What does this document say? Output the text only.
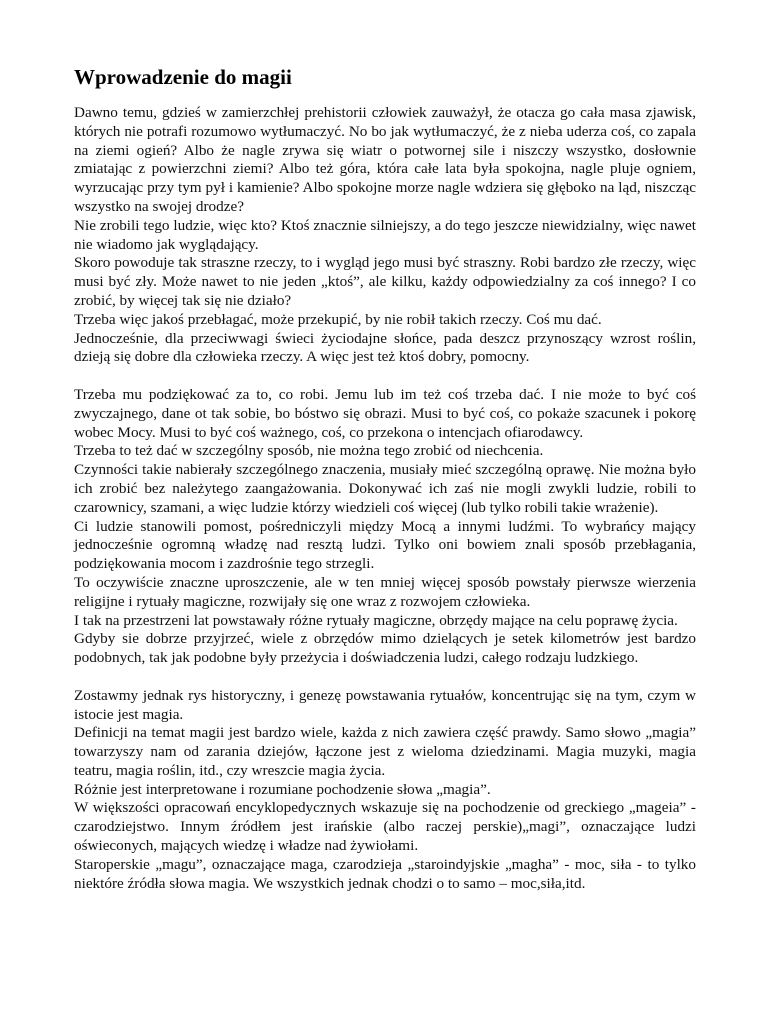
Wprowadzenie do magii

Dawno temu, gdzieś w zamierzchłej prehistorii człowiek zauważył, że otacza go cała masa zjawisk, których nie potrafi rozumowo wytłumaczyć. No bo jak wytłumaczyć, że z nieba uderza coś, co zapala na ziemi ogień? Albo że nagle zrywa się wiatr o potwornej sile i niszczy wszystko, dosłownie zmiatając z powierzchni ziemi? Albo też góra, która całe lata była spokojna, nagle pluje ogniem, wyrzucając przy tym pył i kamienie? Albo spokojne morze nagle wdziera się głęboko na ląd, niszcząc wszystko na swojej drodze?

Nie zrobili tego ludzie, więc kto? Ktoś znacznie silniejszy, a do tego jeszcze niewidzialny, więc nawet nie wiadomo jak wyglądający.

Skoro powoduje tak straszne rzeczy, to i wygląd jego musi być straszny. Robi bardzo złe rzeczy, więc musi być zły. Może nawet to nie jeden „ktoś”, ale kilku, każdy odpowiedzialny za coś innego? I co zrobić, by więcej tak się nie działo?

Trzeba więc jakoś przebłagać, może przekupić, by nie robił takich rzeczy. Coś mu dać.

Jednocześnie, dla przeciwwagi świeci życiodajne słońce, pada deszcz przynoszący wzrost roślin, dzieją się dobre dla człowieka rzeczy. A więc jest też ktoś dobry, pomocny.

Trzeba mu podziękować za to, co robi. Jemu lub im też coś trzeba dać. I nie może to być coś zwyczajnego, dane ot tak sobie, bo bóstwo się obrazi. Musi to być coś, co pokaże szacunek i pokorę wobec Mocy. Musi to być coś ważnego, coś, co przekona o intencjach ofiarodawcy.

Trzeba to też dać w szczególny sposób, nie można tego zrobić od niechcenia.

Czynności takie nabierały szczególnego znaczenia, musiały mieć szczególną oprawę. Nie można było ich zrobić bez należytego zaangażowania. Dokonywać ich zaś nie mogli zwykli ludzie, robili to czarownicy, szamani, a więc ludzie którzy wiedzieli coś więcej (lub tylko robili takie wrażenie).

Ci ludzie stanowili pomost, pośredniczyli między Mocą a innymi ludźmi. To wybrańcy mający jednocześnie ogromną władzę nad resztą ludzi. Tylko oni bowiem znali sposób przebłagania, podziękowania mocom i zazdrośnie tego strzegli.

To oczywiście znaczne uproszczenie, ale w ten mniej więcej sposób powstały pierwsze wierzenia religijne i rytuały magiczne, rozwijały się one wraz z rozwojem człowieka.

I tak na przestrzeni lat powstawały różne rytuały magiczne, obrzędy mające na celu poprawę życia.

Gdyby sie dobrze przyjrzeć, wiele z obrzędów mimo dzielących je setek kilometrów jest bardzo podobnych, tak jak podobne były przeżycia i doświadczenia ludzi, całego rodzaju ludzkiego.

Zostawmy jednak rys historyczny, i genezę powstawania rytuałów, koncentrując się na tym, czym w istocie jest magia.

Definicji na temat magii jest bardzo wiele, każda z nich zawiera część prawdy. Samo słowo „magia” towarzyszy nam od zarania dziejów, łączone jest z wieloma dziedzinami. Magia muzyki, magia teatru, magia roślin, itd., czy wreszcie magia życia.

Różnie jest interpretowane i rozumiane pochodzenie słowa „magia”.

W większości opracowań encyklopedycznych wskazuje się na pochodzenie od greckiego „mageia” - czarodziejstwo. Innym źródłem jest irańskie (albo raczej perskie)„magi”, oznaczające ludzi oświeconych, mających wiedzę i władze nad żywiołami.

Staroperskie „magu”, oznaczające maga, czarodzieja „staroindyjskie „magha” - moc, siła - to tylko niektóre źródła słowa magia. We wszystkich jednak chodzi o to samo – moc,siła,itd.
